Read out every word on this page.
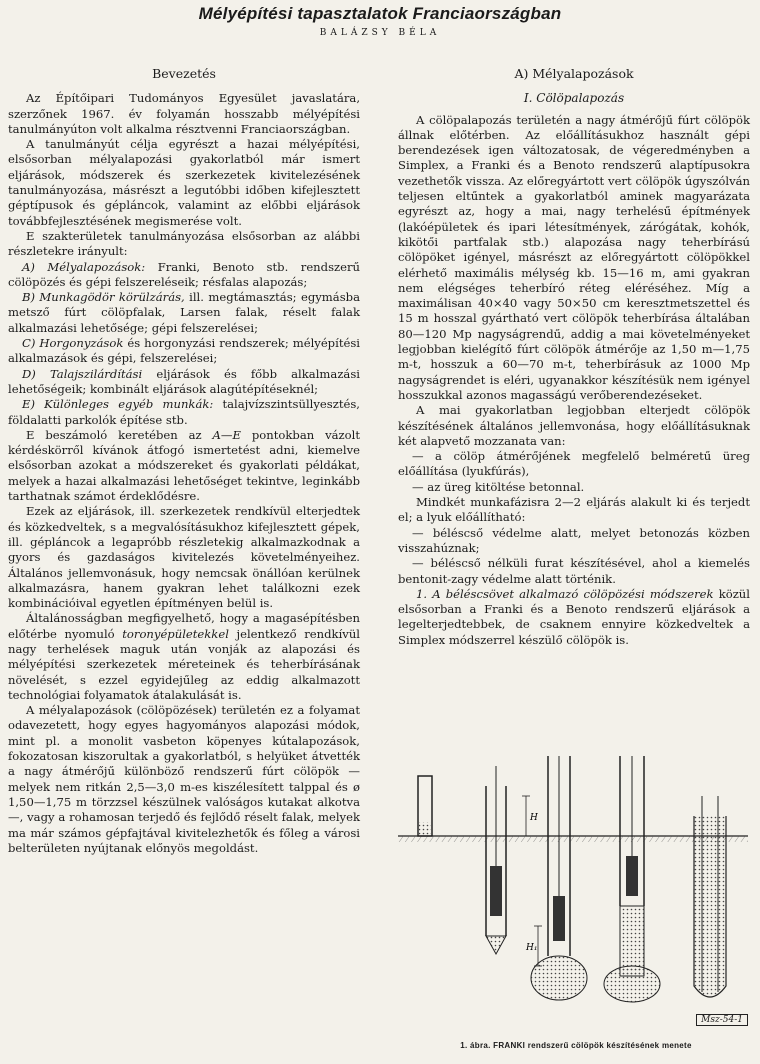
Mélyépítési tapasztalatok Franciaországban
BALÁZSY BÉLA
Bevezetés

Az Építőipari Tudományos Egyesület javaslatára, szerzőnek 1967. év folyamán hosszabb mélyépítési tanulmányúton volt alkalma résztvenni Franciaországban.

A tanulmányút célja egyrészt a hazai mélyépítési, elsősorban mélyalapozási gyakorlatból már ismert eljárások, módszerek és szerkezetek kivitelezésének tanulmányozása, másrészt a legutóbbi időben kifejlesztett géptípusok és gépláncok, valamint az előbbi eljárások továbbfejlesztésének megismerése volt.

E szakterületek tanulmányozása elsősorban az alábbi részletekre irányult:

A) Mélyalapozások: Franki, Benoto stb. rendszerű cölöpözés és gépi felszereléseik; résfalas alapozás;

B) Munkagödör körülzárás, ill. megtámasztás; egymásba metsző fúrt cölöpfalak, Larsen falak, réselt falak alkalmazási lehetősége; gépi felszerelései;

C) Horgonyzások és horgonyzási rendszerek; mélyépítési alkalmazások és gépi, felszerelései;

D) Talajszilárdítási eljárások és főbb alkalmazási lehetőségeik; kombinált eljárások alagútépítéseknél;

E) Különleges egyéb munkák: talajvízszintsüllyesztés, földalatti parkolók építése stb.

E beszámoló keretében az A—E pontokban vázolt kérdéskörről kívánok átfogó ismertetést adni, kiemelve elsősorban azokat a módszereket és gyakorlati példákat, melyek a hazai alkalmazási lehetőséget tekintve, leginkább tarthatnak számot érdeklődésre.

Ezek az eljárások, ill. szerkezetek rendkívül elterjedtek és közkedveltek, s a megvalósításukhoz kifejlesztett gépek, ill. gépláncok a legapróbb részletekig alkalmazkodnak a gyors és gazdaságos kivitelezés követelményeihez. Általános jellemvonásuk, hogy nemcsak önállóan kerülnek alkalmazásra, hanem gyakran lehet találkozni ezek kombinációival egyetlen építményen belül is.

Általánosságban megfigyelhető, hogy a magasépítésben előtérbe nyomuló toronyépületekkel jelentkező rendkívül nagy terhelések maguk után vonják az alapozási és mélyépítési szerkezetek méreteinek és teherbírásának növelését, s ezzel egyidejűleg az eddig alkalmazott technológiai folyamatok átalakulását is.

A mélyalapozások (cölöpözések) területén ez a folyamat odavezetett, hogy egyes hagyományos alapozási módok, mint pl. a monolit vasbeton köpenyes kútalapozások, fokozatosan kiszorultak a gyakorlatból, s helyüket átvették a nagy átmérőjű különböző rendszerű fúrt cölöpök — melyek nem ritkán 2,5—3,0 m-es kiszélesített talppal és ø 1,50—1,75 m törzzsel készülnek valóságos kutakat alkotva —, vagy a rohamosan terjedő és fejlődő réselt falak, melyek ma már számos gépfajtával kivitelezhetők és főleg a városi belterületen nyújtanak előnyös megoldást.

A) Mélyalapozások
I. Cölöpalapozás

A cölöpalapozás területén a nagy átmérőjű fúrt cölöpök állnak előtérben. Az előállításukhoz használt gépi berendezések igen változatosak, de végeredményben a Simplex, a Franki és a Benoto rendszerű alaptípusokra vezethetők vissza. Az előregyártott vert cölöpök úgyszólván teljesen eltűntek a gyakorlatból aminek magyarázata egyrészt az, hogy a mai, nagy terhelésű építmények (lakóépületek és ipari létesítmények, zárógátak, kohók, kikötői partfalak stb.) alapozása nagy teherbírású cölöpöket igényel, másrészt az előregyártott cölöpökkel elérhető maximális mélység kb. 15—16 m, ami gyakran nem elégséges teherbíró réteg eléréséhez. Míg a maximálisan 40×40 vagy 50×50 cm keresztmetszettel és 15 m hosszal gyártható vert cölöpök teherbírása általában 80—120 Mp nagyságrendű, addig a mai követelményeket legjobban kielégítő fúrt cölöpök átmérője az 1,50 m—1,75 m-t, hosszuk a 60—70 m-t, teherbírásuk az 1000 Mp nagyságrendet is eléri, ugyanakkor készítésük nem igényel hosszukkal azonos magasságú verőberendezéseket.

A mai gyakorlatban legjobban elterjedt cölöpök készítésének általános jellemvonása, hogy előállításuknak két alapvető mozzanata van:

— a cölöp átmérőjének megfelelő belméretű üreg előállítása (lyukfúrás),

— az üreg kitöltése betonnal.

Mindkét munkafázisra 2—2 eljárás alakult ki és terjedt el; a lyuk előállítható:

— béléscső védelme alatt, melyet betonozás közben visszahúznak;

— béléscső nélküli furat készítésével, ahol a kiemelés bentonit-zagy védelme alatt történik.

1. A béléscsövet alkalmazó cölöpözési módszerek közül elsősorban a Franki és a Benoto rendszerű eljárások a legelterjedtebbek, de csaknem ennyire közkedveltek a Simplex módszerrel készülő cölöpök is.

H
H₁
Msz-54-1
1. ábra. FRANKI rendszerű cölöpök készítésének menete
